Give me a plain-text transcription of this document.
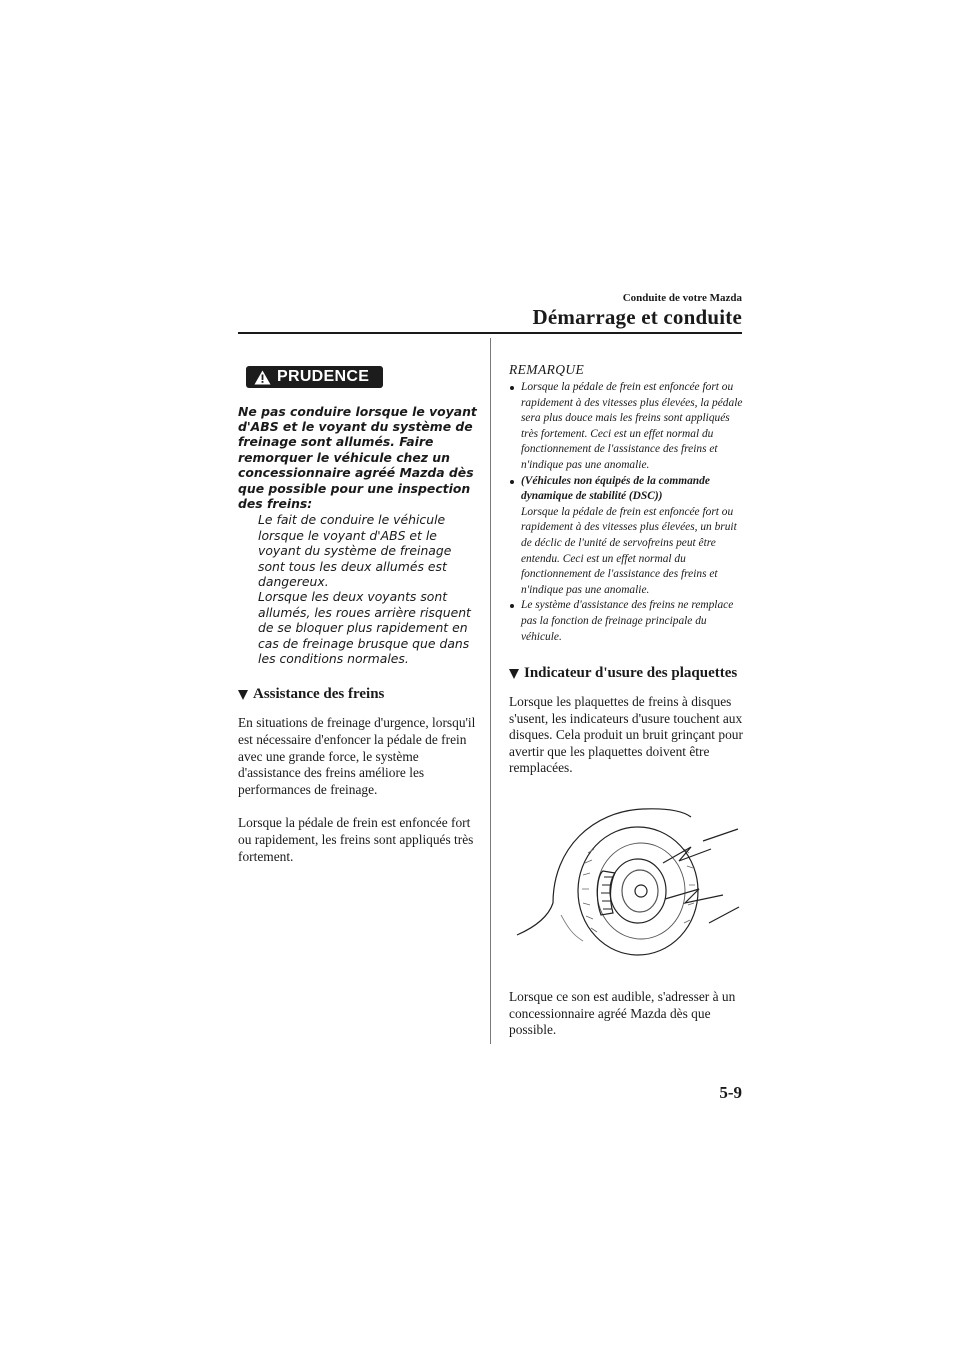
Conduite de votre Mazda
Démarrage et conduite
PRUDENCE
Ne pas conduire lorsque le voyant d'ABS et le voyant du système de freinage sont allumés. Faire remorquer le véhicule chez un concessionnaire agréé Mazda dès que possible pour une inspection des freins:

Le fait de conduire le véhicule lorsque le voyant d'ABS et le voyant du système de freinage sont tous les deux allumés est dangereux.

Lorsque les deux voyants sont allumés, les roues arrière risquent de se bloquer plus rapidement en cas de freinage brusque que dans les conditions normales.

Assistance des freins

En situations de freinage d'urgence, lorsqu'il est nécessaire d'enfoncer la pédale de frein avec une grande force, le système d'assistance des freins améliore les performances de freinage.

Lorsque la pédale de frein est enfoncée fort ou rapidement, les freins sont appliqués très fortement.

REMARQUE
Lorsque la pédale de frein est enfoncée fort ou rapidement à des vitesses plus élevées, la pédale sera plus douce mais les freins sont appliqués très fortement. Ceci est un effet normal du fonctionnement de l'assistance des freins et n'indique pas une anomalie.
(Véhicules non équipés de la commande dynamique de stabilité (DSC))
Lorsque la pédale de frein est enfoncée fort ou rapidement à des vitesses plus élevées, un bruit de déclic de l'unité de servofreins peut être entendu. Ceci est un effet normal du fonctionnement de l'assistance des freins et n'indique pas une anomalie.
Le système d'assistance des freins ne remplace pas la fonction de freinage principale du véhicule.
Indicateur d'usure des plaquettes

Lorsque les plaquettes de freins à disques s'usent, les indicateurs d'usure touchent aux disques. Cela produit un bruit grinçant pour avertir que les plaquettes doivent être remplacées.

Lorsque ce son est audible, s'adresser à un concessionnaire agréé Mazda dès que possible.

5-9
